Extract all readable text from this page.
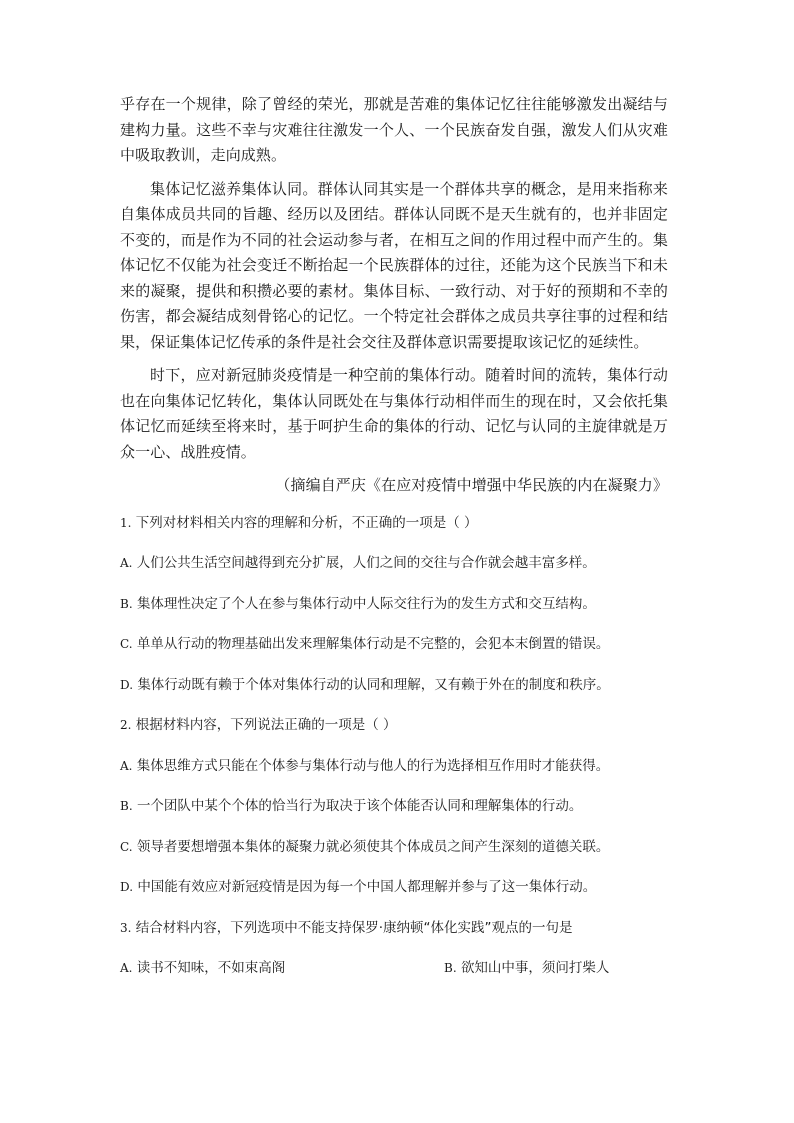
乎存在一个规律，除了曾经的荣光，那就是苦难的集体记忆往往能够激发出凝结与建构力量。这些不幸与灾难往往激发一个人、一个民族奋发自强，激发人们从灾难中吸取教训，走向成熟。

集体记忆滋养集体认同。群体认同其实是一个群体共享的概念，是用来指称来自集体成员共同的旨趣、经历以及团结。群体认同既不是天生就有的，也并非固定不变的，而是作为不同的社会运动参与者，在相互之间的作用过程中而产生的。集体记忆不仅能为社会变迁不断抬起一个民族群体的过往，还能为这个民族当下和未来的凝聚，提供和积攒必要的素材。集体目标、一致行动、对于好的预期和不幸的伤害，都会凝结成刻骨铭心的记忆。一个特定社会群体之成员共享往事的过程和结果，保证集体记忆传承的条件是社会交往及群体意识需要提取该记忆的延续性。

时下，应对新冠肺炎疫情是一种空前的集体行动。随着时间的流转，集体行动也在向集体记忆转化，集体认同既处在与集体行动相伴而生的现在时，又会依托集体记忆而延续至将来时，基于呵护生命的集体的行动、记忆与认同的主旋律就是万众一心、战胜疫情。

（摘编自严庆《在应对疫情中增强中华民族的内在凝聚力》

1. 下列对材料相关内容的理解和分析，不正确的一项是（ ）

A. 人们公共生活空间越得到充分扩展，人们之间的交往与合作就会越丰富多样。

B. 集体理性决定了个人在参与集体行动中人际交往行为的发生方式和交互结构。

C. 单单从行动的物理基础出发来理解集体行动是不完整的，会犯本末倒置的错误。

D. 集体行动既有赖于个体对集体行动的认同和理解，又有赖于外在的制度和秩序。

2. 根据材料内容，下列说法正确的一项是（ ）

A. 集体思维方式只能在个体参与集体行动与他人的行为选择相互作用时才能获得。

B. 一个团队中某个个体的恰当行为取决于该个体能否认同和理解集体的行动。

C. 领导者要想增强本集体的凝聚力就必须使其个体成员之间产生深刻的道德关联。

D. 中国能有效应对新冠疫情是因为每一个中国人都理解并参与了这一集体行动。

3. 结合材料内容，下列选项中不能支持保罗·康纳顿“体化实践”观点的一句是

A. 读书不知味，不如束高阁	B. 欲知山中事，须问打柴人
